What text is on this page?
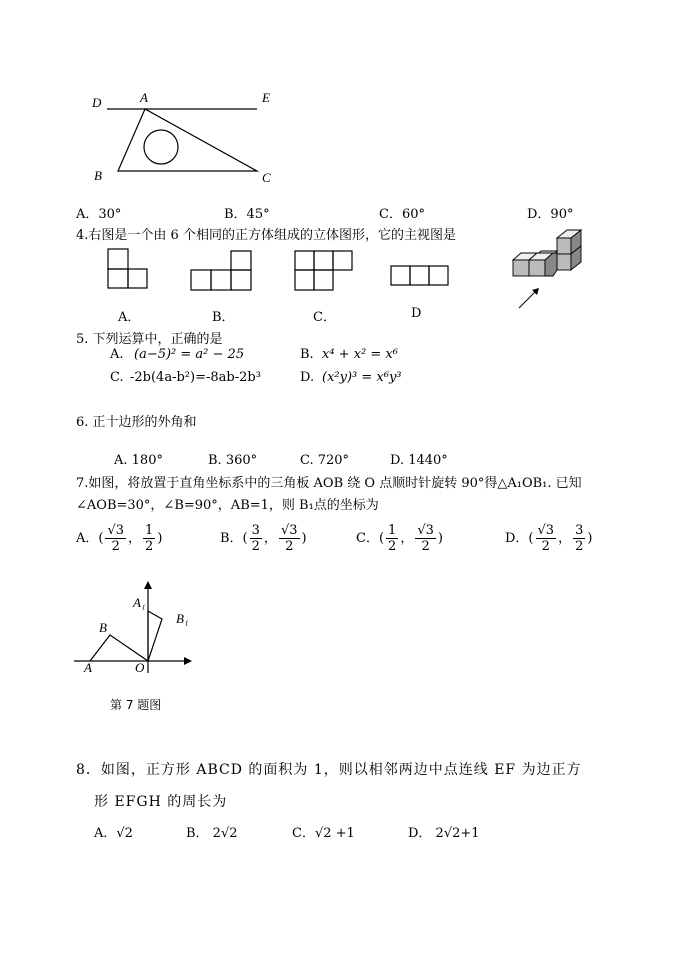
D	A	E
B	C
A．30°	B．45°	C．60°	D．90°
4.右图是一个由 6 个相同的正方体组成的立体图形，它的主视图是
A．	B．	C．	D
5. 下列运算中，正确的是
A. (a−5)² = a² − 25	B. x⁴ + x² = x⁶
C. -2b(4a-b²)=-8ab-2b³	D. (x²y)³ = x⁶y³
6. 正十边形的外角和
A. 180°	B. 360°	C. 720°	D. 1440°
7.如图，将放置于直角坐标系中的三角板 AOB 绕 O 点顺时针旋转 90°得△A₁OB₁. 已知
∠AOB=30°，∠B=90°，AB=1，则 B₁点的坐标为
A．( $\frac{√3}{2}$ ， $\frac{1}{2}$ )	B．( $\frac{3}{2}$ ， $\frac{√3}{2}$ )	C．( $\frac{1}{2}$ ， $\frac{√3}{2}$ )	D．( $\frac{√3}{2}$ ， $\frac{3}{2}$ )
A₁
B₁
B
A	O
第 7 题图
8．如图，正方形 ABCD 的面积为 1，则以相邻两边中点连线 EF 为边正方
形 EFGH 的周长为
A．√2	B． 2√2	C．√2 +1	D． 2√2+1
